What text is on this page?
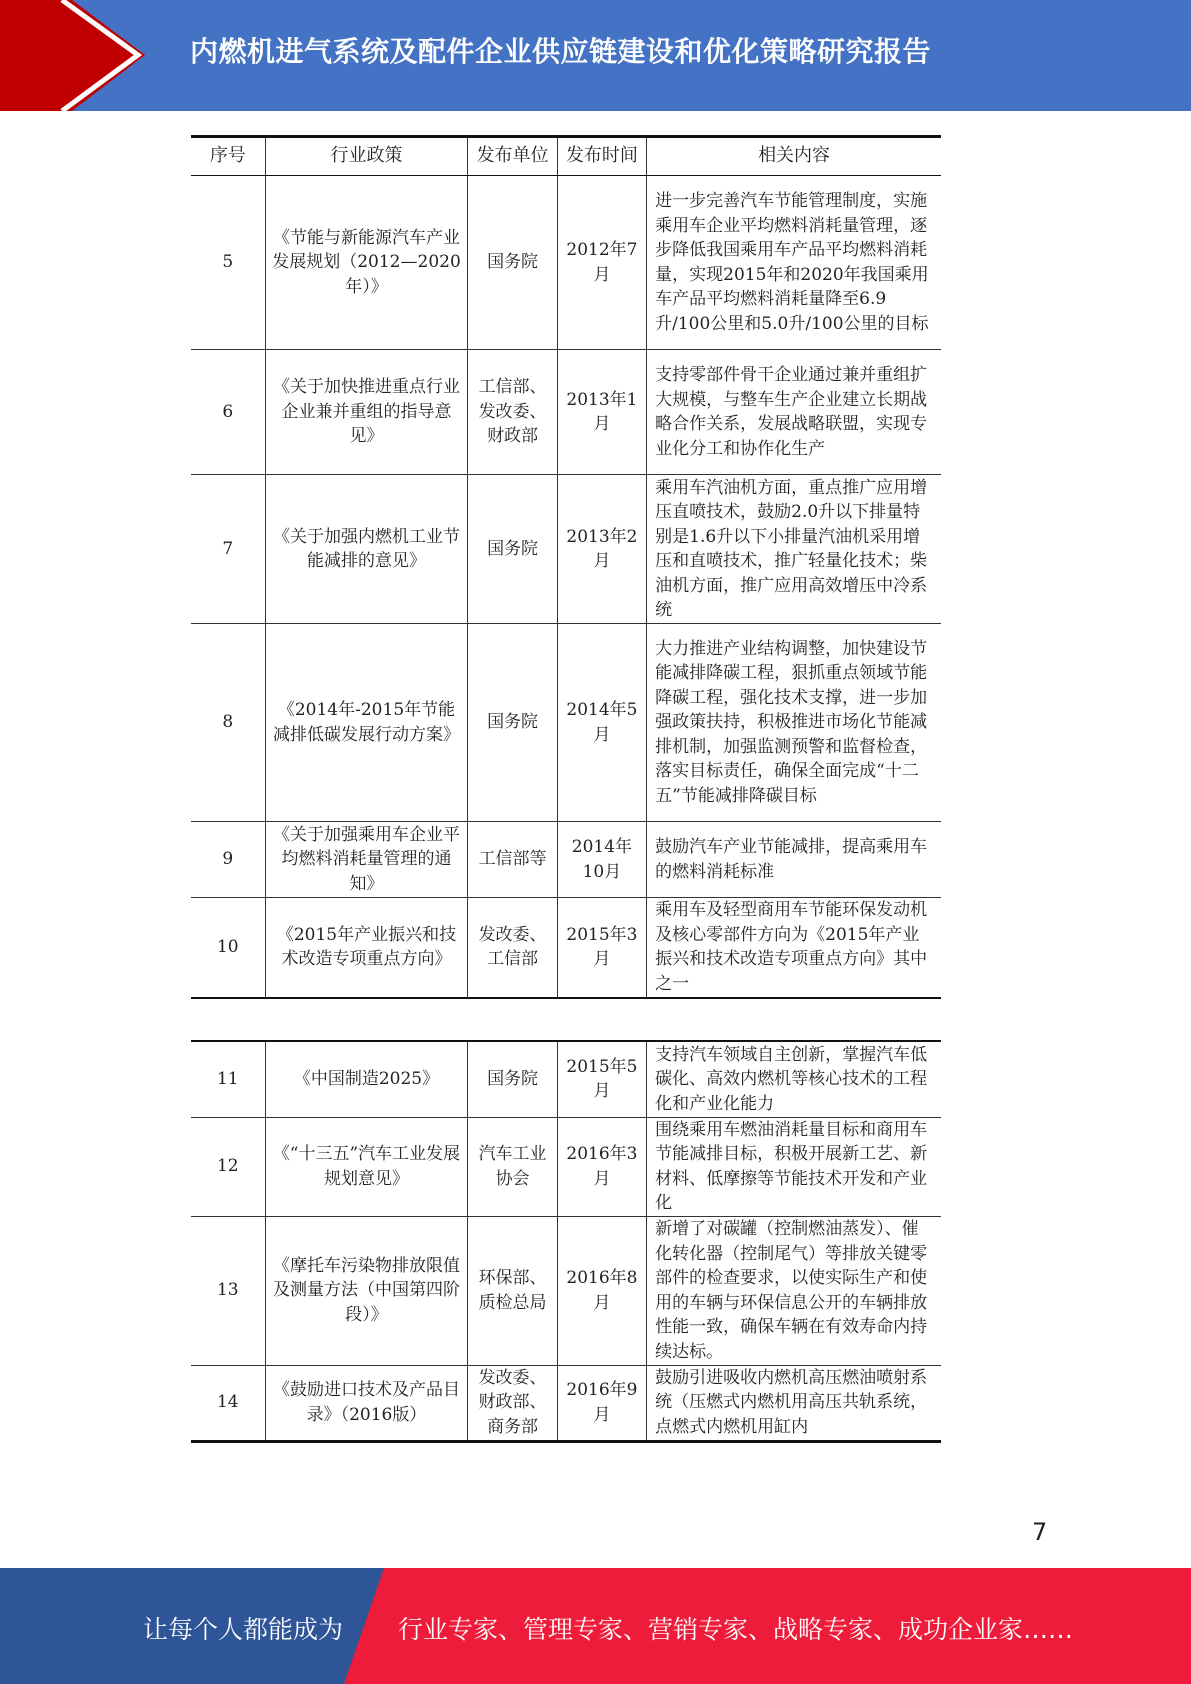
内燃机进气系统及配件企业供应链建设和优化策略研究报告
序号	行业政策	发布单位	发布时间	相关内容
5	《节能与新能源汽车产业发展规划（2012—2020年）》	国务院	2012年7月	进一步完善汽车节能管理制度，实施乘用车企业平均燃料消耗量管理，逐步降低我国乘用车产品平均燃料消耗量，实现2015年和2020年我国乘用车产品平均燃料消耗量降至6.9升/100公里和5.0升/100公里的目标
6	《关于加快推进重点行业企业兼并重组的指导意见》	工信部、发改委、财政部	2013年1月	支持零部件骨干企业通过兼并重组扩大规模，与整车生产企业建立长期战略合作关系，发展战略联盟，实现专业化分工和协作化生产
7	《关于加强内燃机工业节能减排的意见》	国务院	2013年2月	乘用车汽油机方面，重点推广应用增压直喷技术，鼓励2.0升以下排量特别是1.6升以下小排量汽油机采用增压和直喷技术，推广轻量化技术；柴油机方面，推广应用高效增压中冷系统
8	《2014年-2015年节能减排低碳发展行动方案》	国务院	2014年5月	大力推进产业结构调整，加快建设节能减排降碳工程，狠抓重点领域节能降碳工程，强化技术支撑，进一步加强政策扶持，积极推进市场化节能减排机制，加强监测预警和监督检查，落实目标责任，确保全面完成“十二五”节能减排降碳目标
9	《关于加强乘用车企业平均燃料消耗量管理的通知》	工信部等	2014年10月	鼓励汽车产业节能减排，提高乘用车的燃料消耗标准
10	《2015年产业振兴和技术改造专项重点方向》	发改委、工信部	2015年3月	乘用车及轻型商用车节能环保发动机及核心零部件方向为《2015年产业振兴和技术改造专项重点方向》其中之一
11	《中国制造2025》	国务院	2015年5月	支持汽车领域自主创新，掌握汽车低碳化、高效内燃机等核心技术的工程化和产业化能力
12	《“十三五”汽车工业发展规划意见》	汽车工业协会	2016年3月	围绕乘用车燃油消耗量目标和商用车节能减排目标，积极开展新工艺、新材料、低摩擦等节能技术开发和产业化
13	《摩托车污染物排放限值及测量方法（中国第四阶段）》	环保部、质检总局	2016年8月	新增了对碳罐（控制燃油蒸发）、催化转化器（控制尾气）等排放关键零部件的检查要求，以使实际生产和使用的车辆与环保信息公开的车辆排放性能一致，确保车辆在有效寿命内持续达标。
14	《鼓励进口技术及产品目录》（2016版）	发改委、财政部、商务部	2016年9月	鼓励引进吸收内燃机高压燃油喷射系统（压燃式内燃机用高压共轨系统，点燃式内燃机用缸内
7
让每个人都能成为 行业专家、管理专家、营销专家、战略专家、成功企业家……
